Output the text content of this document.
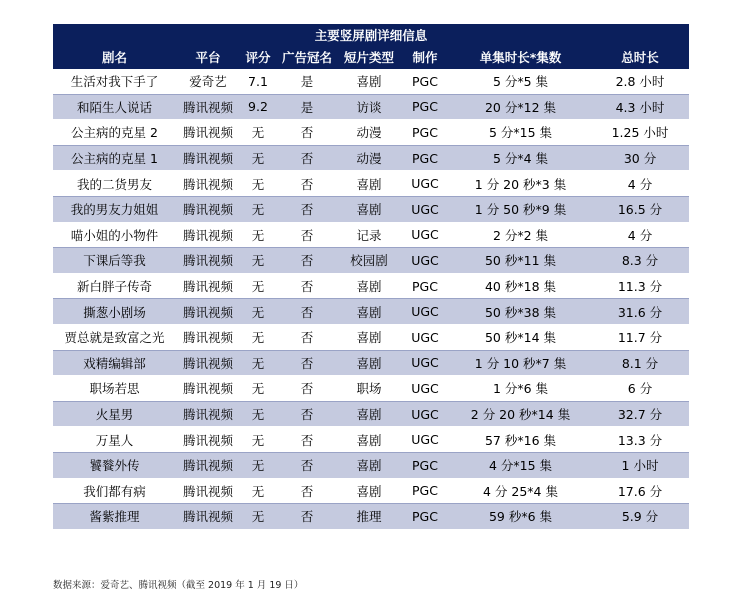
主要竖屏剧详细信息							
剧名	平台	评分	广告冠名	短片类型	制作	单集时长*集数	总时长
生活对我下手了	爱奇艺	7.1	是	喜剧	PGC	5 分*5 集	2.8 小时
和陌生人说话	腾讯视频	9.2	是	访谈	PGC	20 分*12 集	4.3 小时
公主病的克星 2	腾讯视频	无	否	动漫	PGC	5 分*15 集	1.25 小时
公主病的克星 1	腾讯视频	无	否	动漫	PGC	5 分*4 集	30 分
我的二货男友	腾讯视频	无	否	喜剧	UGC	1 分 20 秒*3 集	4 分
我的男友力姐姐	腾讯视频	无	否	喜剧	UGC	1 分 50 秒*9 集	16.5 分
喵小姐的小物件	腾讯视频	无	否	记录	UGC	2 分*2 集	4 分
下课后等我	腾讯视频	无	否	校园剧	UGC	50 秒*11 集	8.3 分
新白胖子传奇	腾讯视频	无	否	喜剧	PGC	40 秒*18 集	11.3 分
撕葱小剧场	腾讯视频	无	否	喜剧	UGC	50 秒*38 集	31.6 分
贾总就是致富之光	腾讯视频	无	否	喜剧	UGC	50 秒*14 集	11.7 分
戏精编辑部	腾讯视频	无	否	喜剧	UGC	1 分 10 秒*7 集	8.1 分
职场若思	腾讯视频	无	否	职场	UGC	1 分*6 集	6 分
火星男	腾讯视频	无	否	喜剧	UGC	2 分 20 秒*14 集	32.7 分
万星人	腾讯视频	无	否	喜剧	UGC	57 秒*16 集	13.3 分
饕餮外传	腾讯视频	无	否	喜剧	PGC	4 分*15 集	1 小时
我们都有病	腾讯视频	无	否	喜剧	PGC	4 分 25*4 集	17.6 分
酱紫推理	腾讯视频	无	否	推理	PGC	59 秒*6 集	5.9 分
数据来源：爱奇艺、腾讯视频（截至 2019 年 1 月 19 日）
